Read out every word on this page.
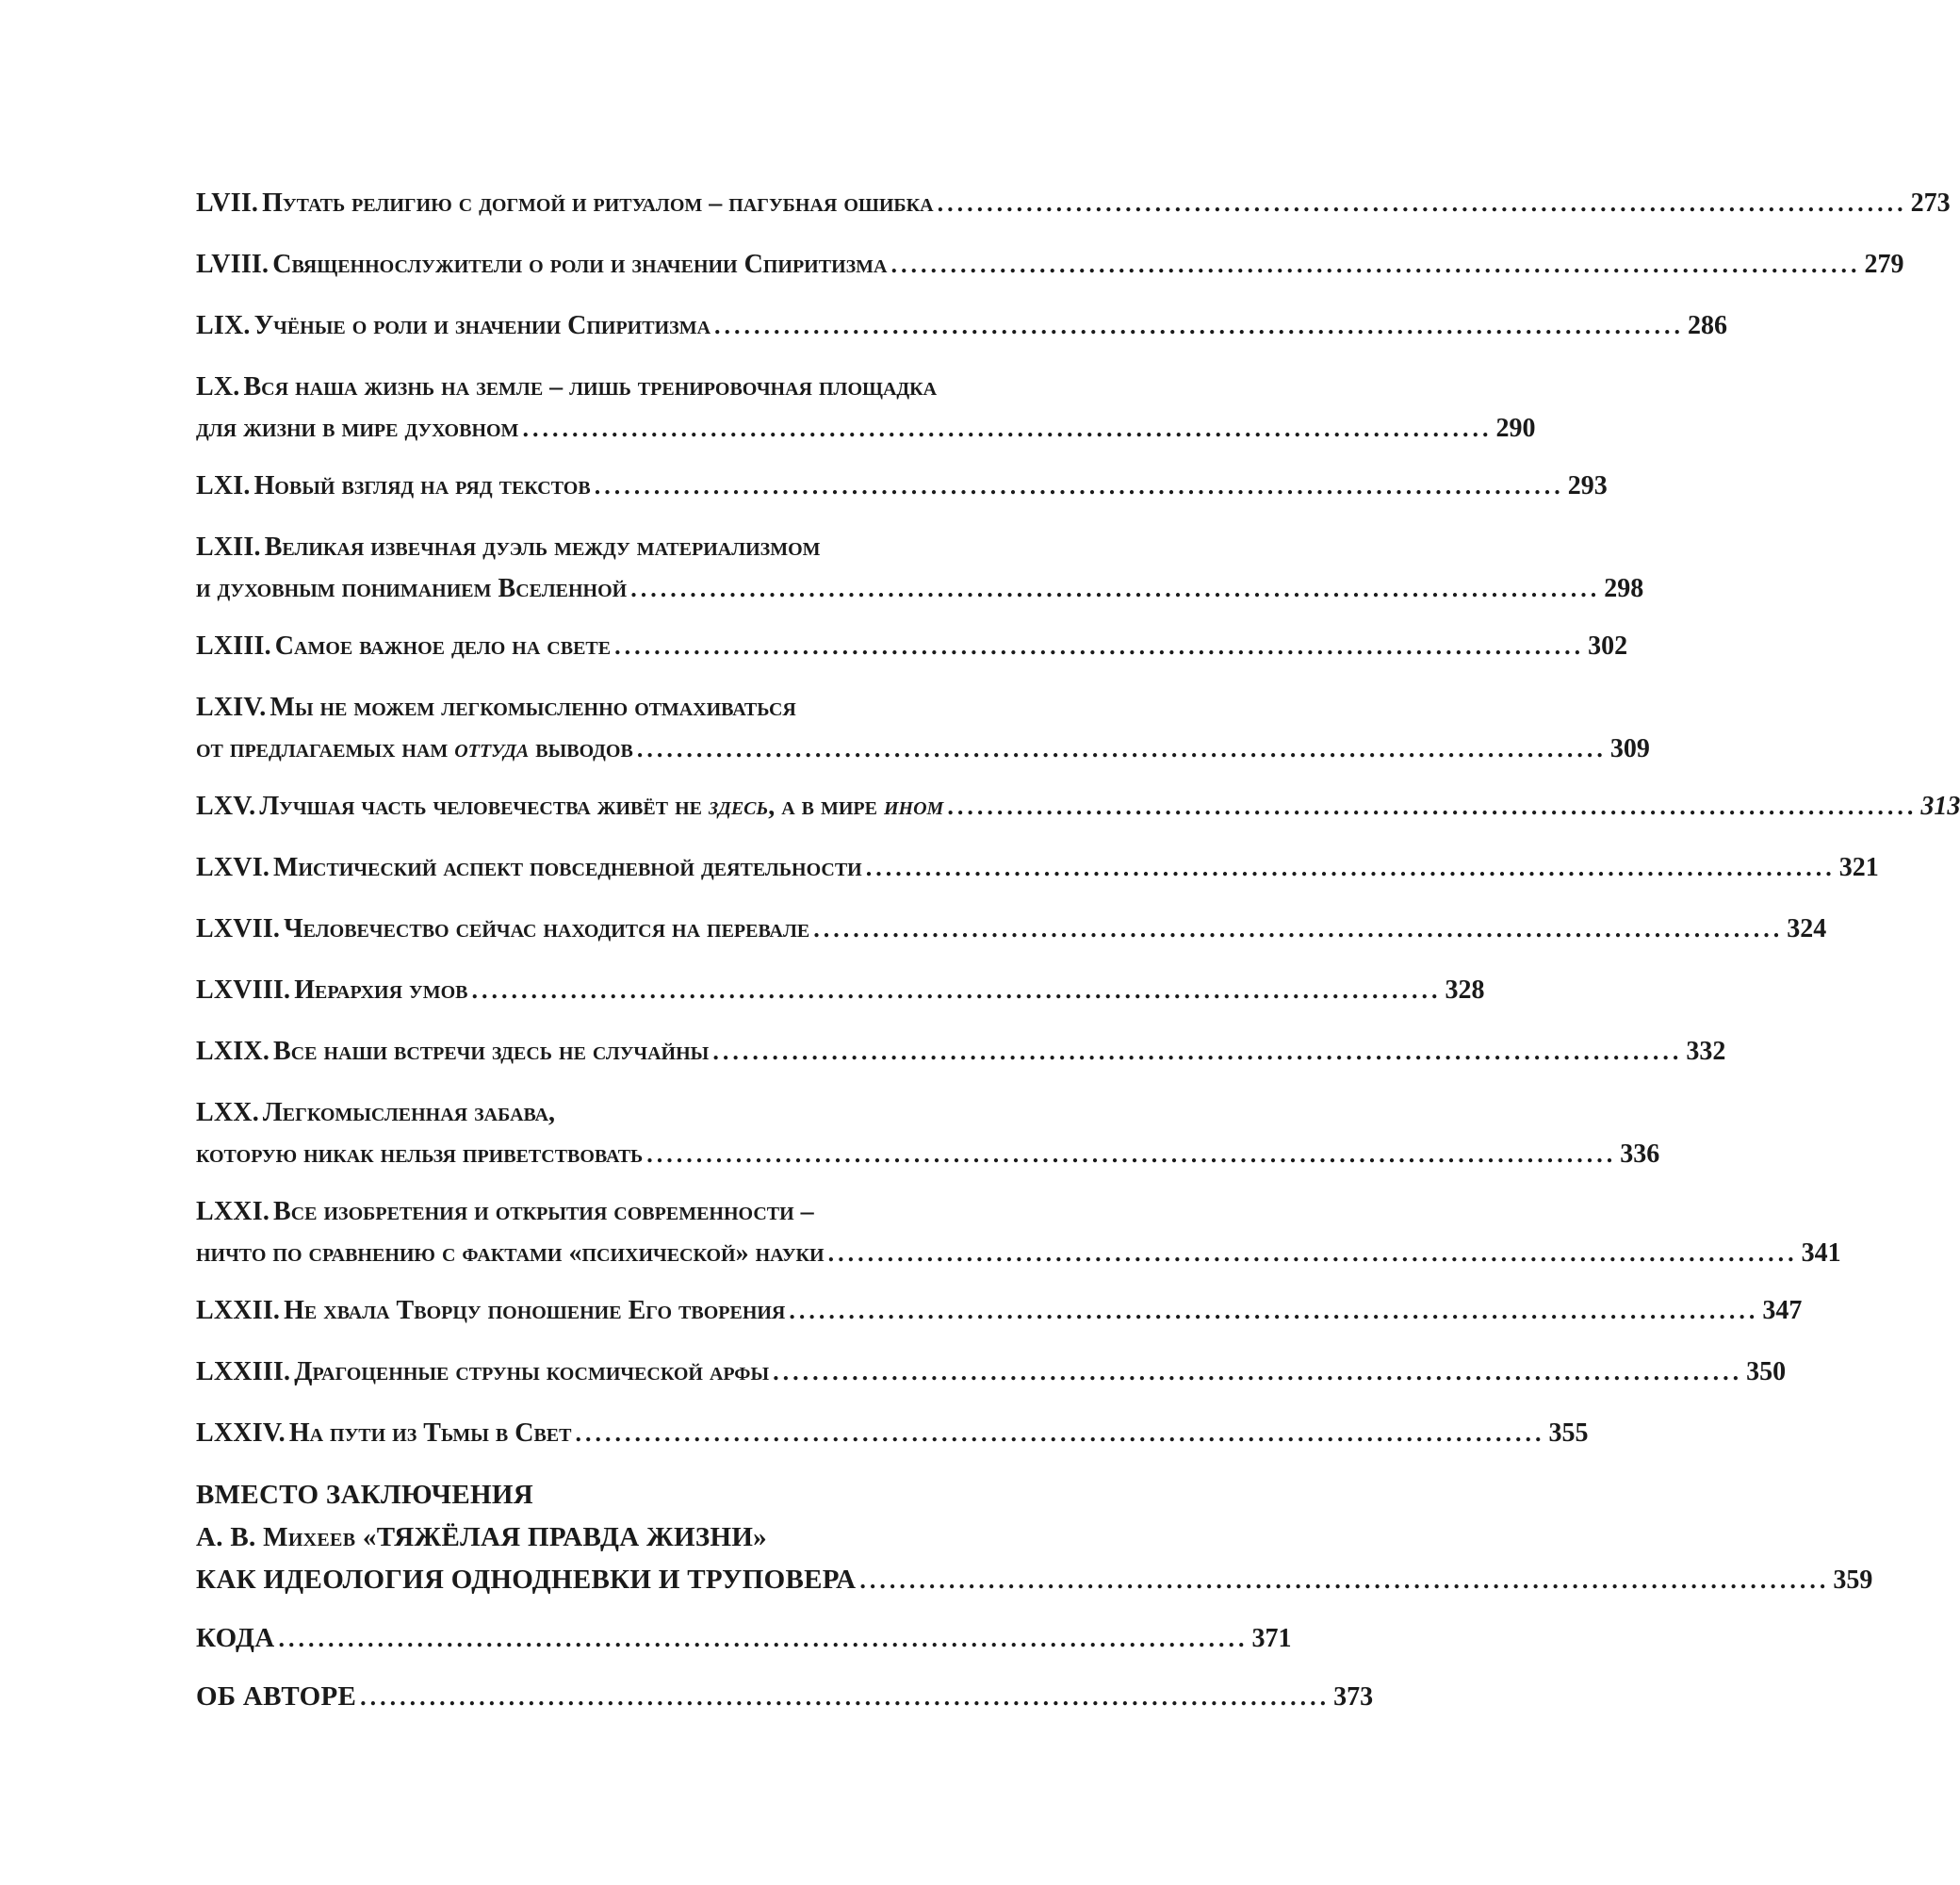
LVII.
Путать религию с догмой и ритуалом – пагубная ошибка .................................................................................................. 273
LVIII.
Священнослужители о роли и значении Спиритизма .................................................................................................. 279
LIX.
Учёные о роли и значении Спиритизма .................................................................................................. 286
LX. Вся наша жизнь на земле – лишь тренировочная площадка
для жизни в мире духовном .................................................................................................. 290
LXI.
Новый взгляд на ряд текстов .................................................................................................. 293
LXII. Великая извечная дуэль между материализмом
и духовным пониманием Вселенной .................................................................................................. 298
LXIII.
Самое важное дело на свете .................................................................................................. 302
LXIV. Мы не можем легкомысленно отмахиваться
от предлагаемых нам оттуда выводов .................................................................................................. 309
LXV.
Лучшая часть человечества живёт не здесь, а в мире ином .................................................................................................. 313
LXVI.
Мистический аспект повседневной деятельности .................................................................................................. 321
LXVII.
Человечество сейчас находится на перевале .................................................................................................. 324
LXVIII.
Иерархия умов .................................................................................................. 328
LXIX.
Все наши встречи здесь не случайны .................................................................................................. 332
LXX. Легкомысленная забава,
которую никак нельзя приветствовать .................................................................................................. 336
LXXI. Все изобретения и открытия современности –
ничто по сравнению с фактами «психической» науки .................................................................................................. 341
LXXII.
Не хвала Творцу поношение Его творения .................................................................................................. 347
LXXIII.
Драгоценные струны космической арфы .................................................................................................. 350
LXXIV.
На пути из Тьмы в Свет .................................................................................................. 355
ВМЕСТО ЗАКЛЮЧЕНИЯ
А. В. Михеев «ТЯЖЁЛАЯ ПРАВДА ЖИЗНИ»
КАК ИДЕОЛОГИЯ ОДНОДНЕВКИ И ТРУПОВЕРА .................................................................................................. 359
КОДА .................................................................................................. 371
ОБ АВТОРЕ .................................................................................................. 373
